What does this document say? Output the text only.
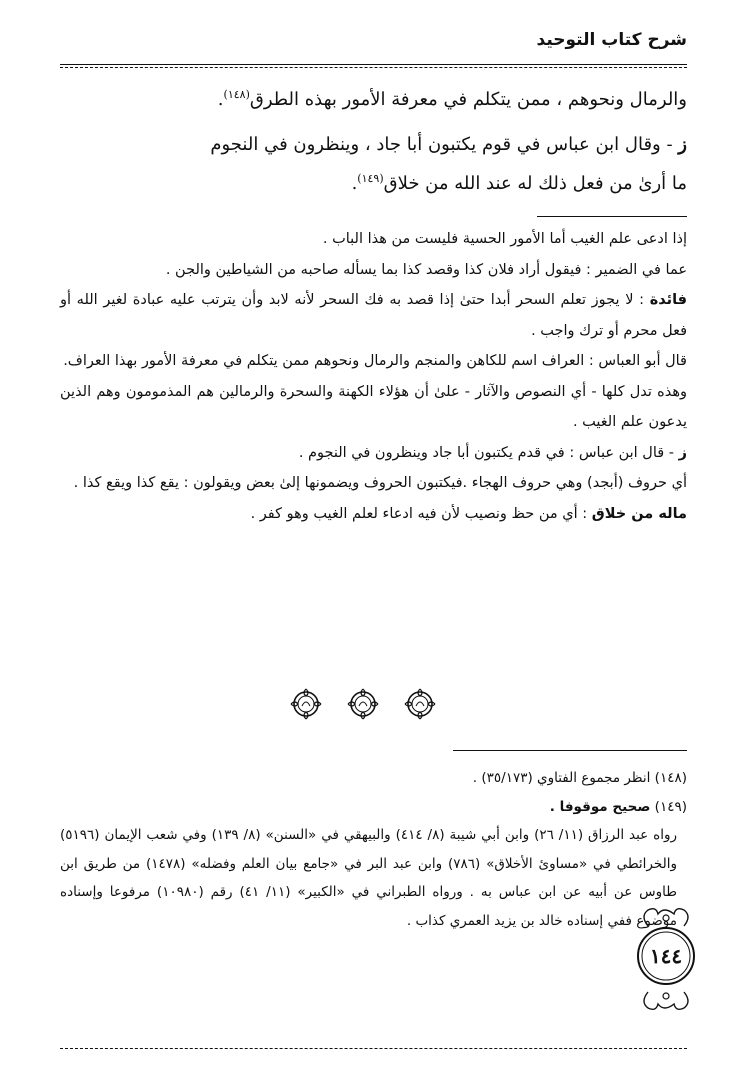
شرح كتاب التوحيد
والرمال ونحوهم ، ممن يتكلم في معرفة الأمور بهذه الطرق$^{(١٤٨)}$.
ز - وقال ابن عباس في قوم يكتبون أبا جاد ، وينظرون في النجوم
ما أرىٰ من فعل ذلك له عند الله من خلاق$^{(١٤٩)}$.

إذا ادعى علم الغيب أما الأمور الحسية فليست من هذا الباب .

عما في الضمير : فيقول أراد فلان كذا وقصد كذا بما يسأله صاحبه من الشياطين والجن .

فائدة : لا يجوز تعلم السحر أبدا حتىٰ إذا قصد به فك السحر لأنه لابد وأن يترتب عليه عبادة لغير الله أو فعل محرم أو ترك واجب .

قال أبو العباس : العراف اسم للكاهن والمنجم والرمال ونحوهم ممن يتكلم في معرفة الأمور بهذا العراف.

وهذه تدل كلها - أي النصوص والآثار - علىٰ أن هؤلاء الكهنة والسحرة والرمالين هم المذمومون وهم الذين يدعون علم الغيب .

ز - قال ابن عباس : في قدم يكتبون أبا جاد وينظرون في النجوم .

أي حروف (أبجد) وهي حروف الهجاء .فيكتبون الحروف ويضمونها إلىٰ بعض ويقولون : يقع كذا ويقع كذا .

ماله من خلاق : أي من حظ ونصيب لأن فيه ادعاء لعلم الغيب وهو كفر .

(١٤٨) انظر مجموع الفتاوي (٣٥/١٧٣) .

(١٤٩) صحيح موقوفا .

رواه عبد الرزاق (١١/ ٢٦) وابن أبي شيبة (٨/ ٤١٤) والبيهقي في «السنن» (٨/ ١٣٩) وفي شعب الإيمان (٥١٩٦) والخرائطي في «مساوئ الأخلاق» (٧٨٦) وابن عبد البر في «جامع بيان العلم وفضله» (١٤٧٨) من طريق ابن طاوس عن أبيه عن ابن عباس به . ورواه الطبراني في «الكبير» (١١/ ٤١) رقم (١٠٩٨٠) مرفوعا وإسناده موضوع ففي إسناده خالد بن يزيد العمري كذاب .

١٤٤
